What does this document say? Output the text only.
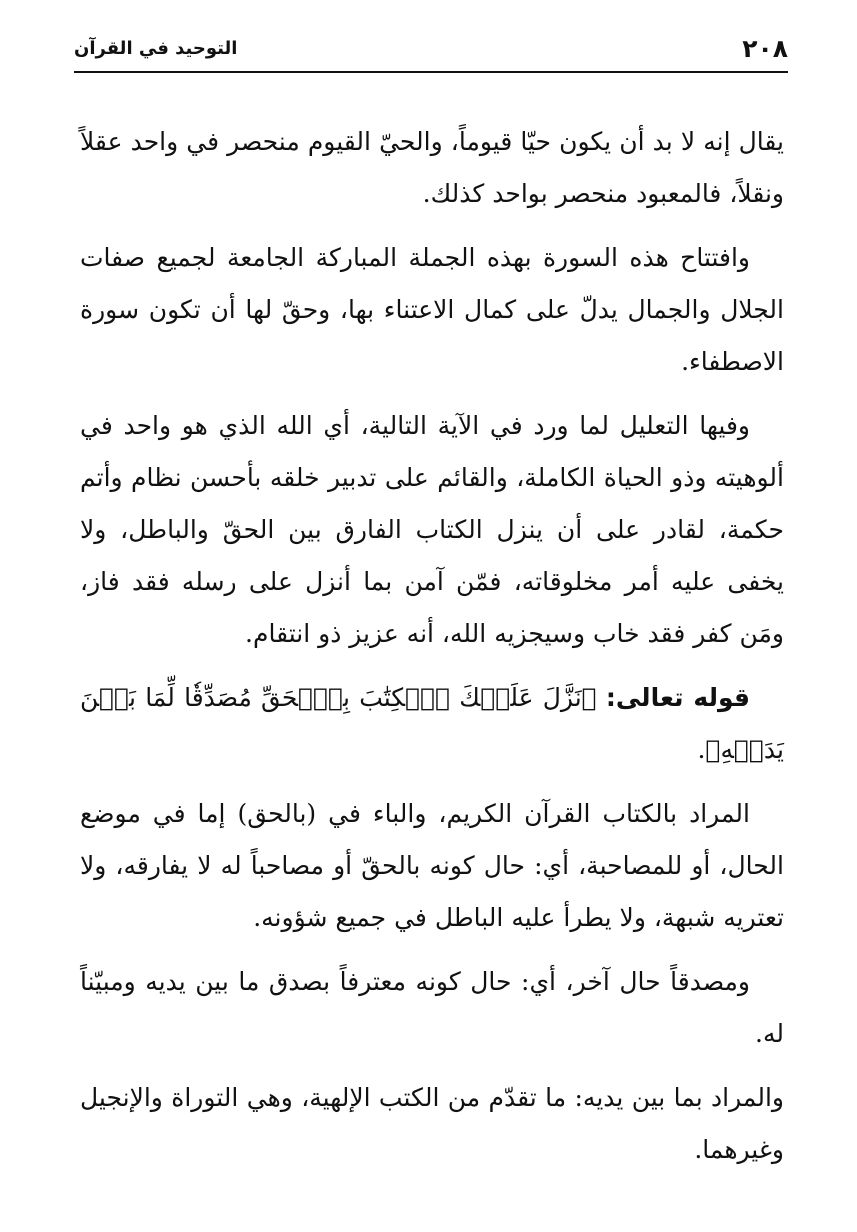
٢٠٨
التوحيد في القرآن

يقال إنه لا بد أن يكون حيّا قيوماً، والحيّ القيوم منحصر في واحد عقلاً ونقلاً، فالمعبود منحصر بواحد كذلك.

وافتتاح هذه السورة بهذه الجملة المباركة الجامعة لجميع صفات الجلال والجمال يدلّ على كمال الاعتناء بها، وحقّ لها أن تكون سورة الاصطفاء.

وفيها التعليل لما ورد في الآية التالية، أي الله الذي هو واحد في ألوهيته وذو الحياة الكاملة، والقائم على تدبير خلقه بأحسن نظام وأتم حكمة، لقادر على أن ينزل الكتاب الفارق بين الحقّ والباطل، ولا يخفى عليه أمر مخلوقاته، فمّن آمن بما أنزل على رسله فقد فاز، ومَن كفر فقد خاب وسيجزيه الله، أنه عزيز ذو انتقام.

قوله تعالى: ﴿نَزَّلَ عَلَيۡكَ ٱلۡكِتَٰبَ بِٱلۡحَقِّ مُصَدِّقٗا لِّمَا بَيۡنَ يَدَيۡهِ﴾.

المراد بالكتاب القرآن الكريم، والباء في (بالحق) إما في موضع الحال، أو للمصاحبة، أي: حال كونه بالحقّ أو مصاحباً له لا يفارقه، ولا تعتريه شبهة، ولا يطرأ عليه الباطل في جميع شؤونه.

ومصدقاً حال آخر، أي: حال كونه معترفاً بصدق ما بين يديه ومبيّناً له.

والمراد بما بين يديه: ما تقدّم من الكتب الإلهية، وهي التوراة والإنجيل وغيرهما.
